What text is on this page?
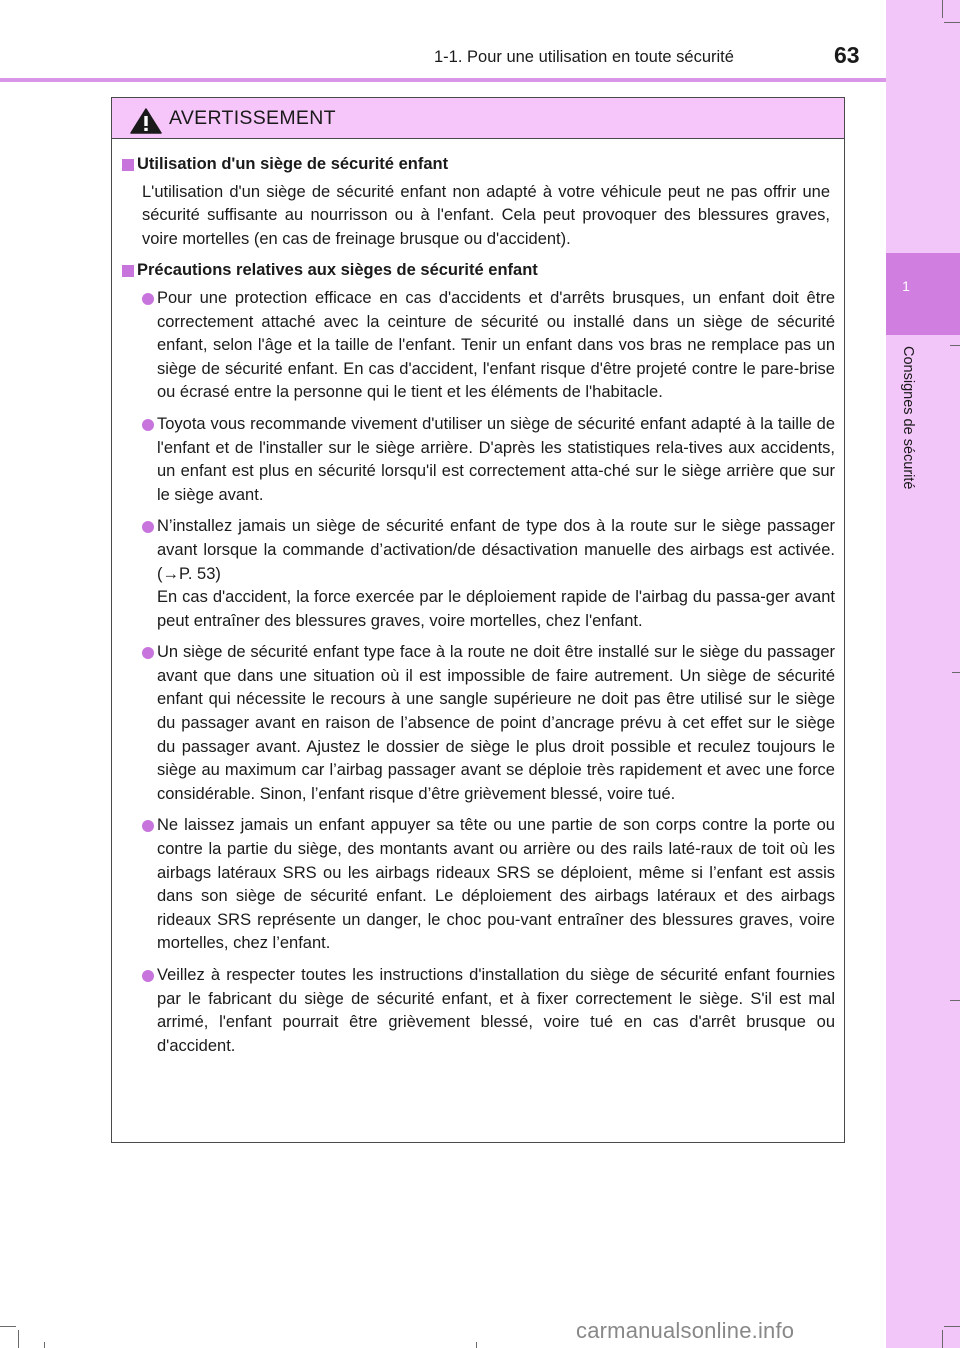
1
Consignes de sécurité
1-1. Pour une utilisation en toute sécurité	63
AVERTISSEMENT
Utilisation d'un siège de sécurité enfant

L'utilisation d'un siège de sécurité enfant non adapté à votre véhicule peut ne pas offrir une sécurité suffisante au nourrisson ou à l'enfant. Cela peut provoquer des blessures graves, voire mortelles (en cas de freinage brusque ou d'accident).

Précautions relatives aux sièges de sécurité enfant
Pour une protection efficace en cas d'accidents et d'arrêts brusques, un enfant doit être correctement attaché avec la ceinture de sécurité ou installé dans un siège de sécurité enfant, selon l'âge et la taille de l'enfant. Tenir un enfant dans vos bras ne remplace pas un siège de sécurité enfant. En cas d'accident, l'enfant risque d'être projeté contre le pare-brise ou écrasé entre la personne qui le tient et les éléments de l'habitacle.
Toyota vous recommande vivement d'utiliser un siège de sécurité enfant adapté à la taille de l'enfant et de l'installer sur le siège arrière. D'après les statistiques rela-tives aux accidents, un enfant est plus en sécurité lorsqu'il est correctement atta-ché sur le siège arrière que sur le siège avant.
N’installez jamais un siège de sécurité enfant de type dos à la route sur le siège passager avant lorsque la commande d’activation/de désactivation manuelle des airbags est activée. (→P. 53)
En cas d'accident, la force exercée par le déploiement rapide de l'airbag du passa-ger avant peut entraîner des blessures graves, voire mortelles, chez l'enfant.
Un siège de sécurité enfant type face à la route ne doit être installé sur le siège du passager avant que dans une situation où il est impossible de faire autrement. Un siège de sécurité enfant qui nécessite le recours à une sangle supérieure ne doit pas être utilisé sur le siège du passager avant en raison de l’absence de point d’ancrage prévu à cet effet sur le siège du passager avant. Ajustez le dossier de siège le plus droit possible et reculez toujours le siège au maximum car l’airbag passager avant se déploie très rapidement et avec une force considérable. Sinon, l’enfant risque d’être grièvement blessé, voire tué.
Ne laissez jamais un enfant appuyer sa tête ou une partie de son corps contre la porte ou contre la partie du siège, des montants avant ou arrière ou des rails laté-raux de toit où les airbags latéraux SRS ou les airbags rideaux SRS se déploient, même si l’enfant est assis dans son siège de sécurité enfant. Le déploiement des airbags latéraux et des airbags rideaux SRS représente un danger, le choc pou-vant entraîner des blessures graves, voire mortelles, chez l’enfant.
Veillez à respecter toutes les instructions d'installation du siège de sécurité enfant fournies par le fabricant du siège de sécurité enfant, et à fixer correctement le siège. S'il est mal arrimé, l'enfant pourrait être grièvement blessé, voire tué en cas d'arrêt brusque ou d'accident.
carmanualsonline.info
